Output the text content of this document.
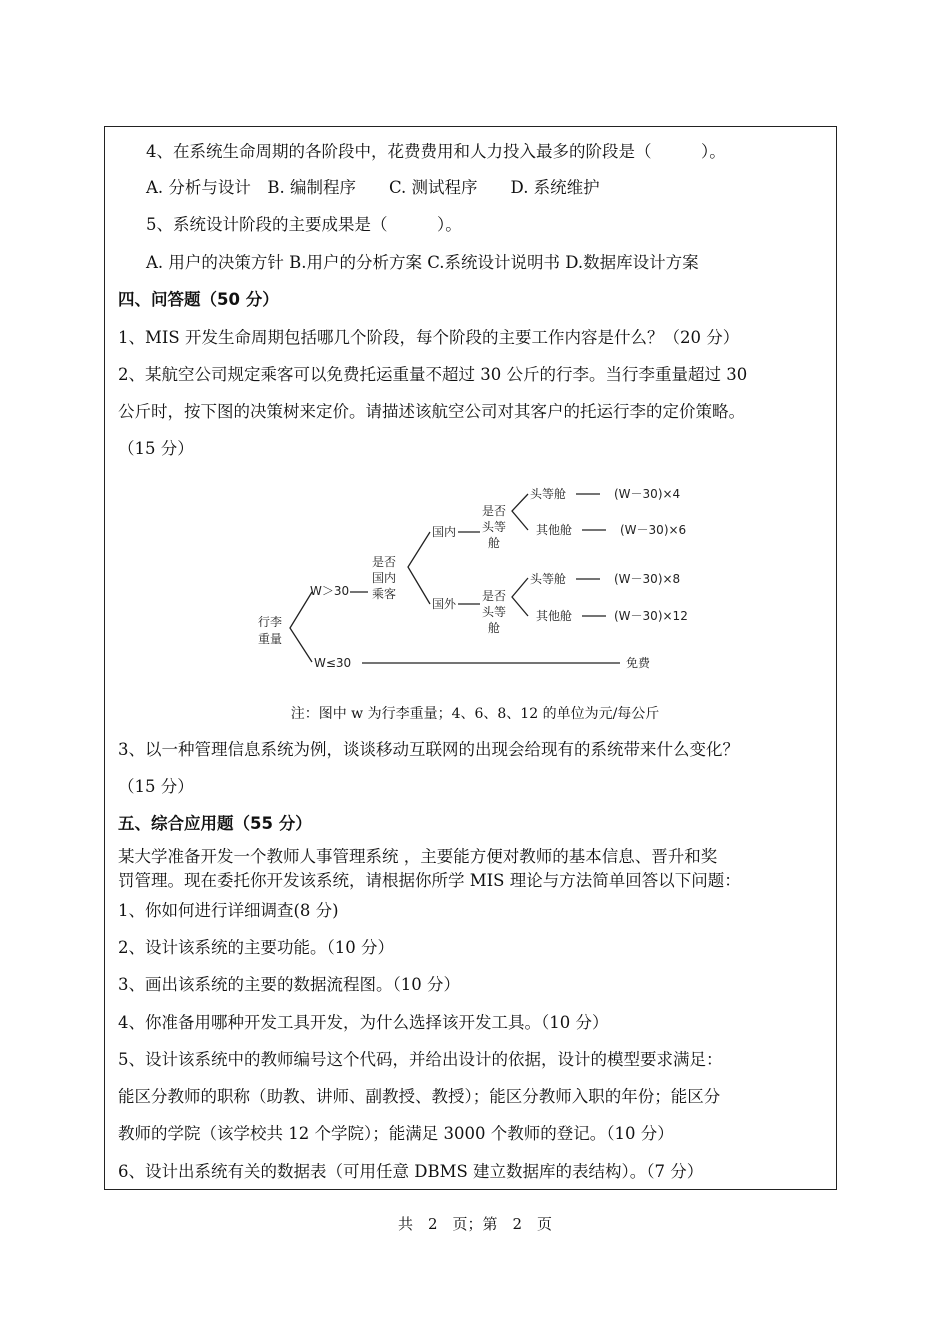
4、在系统生命周期的各阶段中，花费费用和人力投入最多的阶段是（　　　）。
A. 分析与设计　B. 编制程序　　C. 测试程序　　D. 系统维护
5、系统设计阶段的主要成果是（　　　）。
A. 用户的决策方针 B.用户的分析方案 C.系统设计说明书 D.数据库设计方案
四、问答题（50 分）
1、MIS 开发生命周期包括哪几个阶段，每个阶段的主要工作内容是什么？（20 分）
2、某航空公司规定乘客可以免费托运重量不超过 30 公斤的行李。当行李重量超过 30
公斤时，按下图的决策树来定价。请描述该航空公司对其客户的托运行李的定价策略。
（15 分）
行李
重量
W＞30
W≤30	免费
是否
国内
乘客
国内
国外
是否
头等
舱
头等舱	(W－30)×4
其他舱	(W－30)×6
是否
头等
舱
头等舱	(W－30)×8
其他舱	(W－30)×12
注：图中 w 为行李重量；4、6、8、12 的单位为元/每公斤
3、以一种管理信息系统为例，谈谈移动互联网的出现会给现有的系统带来什么变化？
（15 分）
五、综合应用题（55 分）
某大学准备开发一个教师人事管理系统 ，主要能方便对教师的基本信息、晋升和奖
罚管理。现在委托你开发该系统，请根据你所学 MIS 理论与方法简单回答以下问题：
1、你如何进行详细调查(8 分)
2、设计该系统的主要功能。（10 分）
3、画出该系统的主要的数据流程图。（10 分）
4、你准备用哪种开发工具开发，为什么选择该开发工具。（10 分）
5、设计该系统中的教师编号这个代码，并给出设计的依据，设计的模型要求满足：
能区分教师的职称（助教、讲师、副教授、教授）；能区分教师入职的年份；能区分
教师的学院（该学校共 12 个学院）；能满足 3000 个教师的登记。（10 分）
6、设计出系统有关的数据表（可用任意 DBMS 建立数据库的表结构）。（7 分）
共　2　页；第　2　页
